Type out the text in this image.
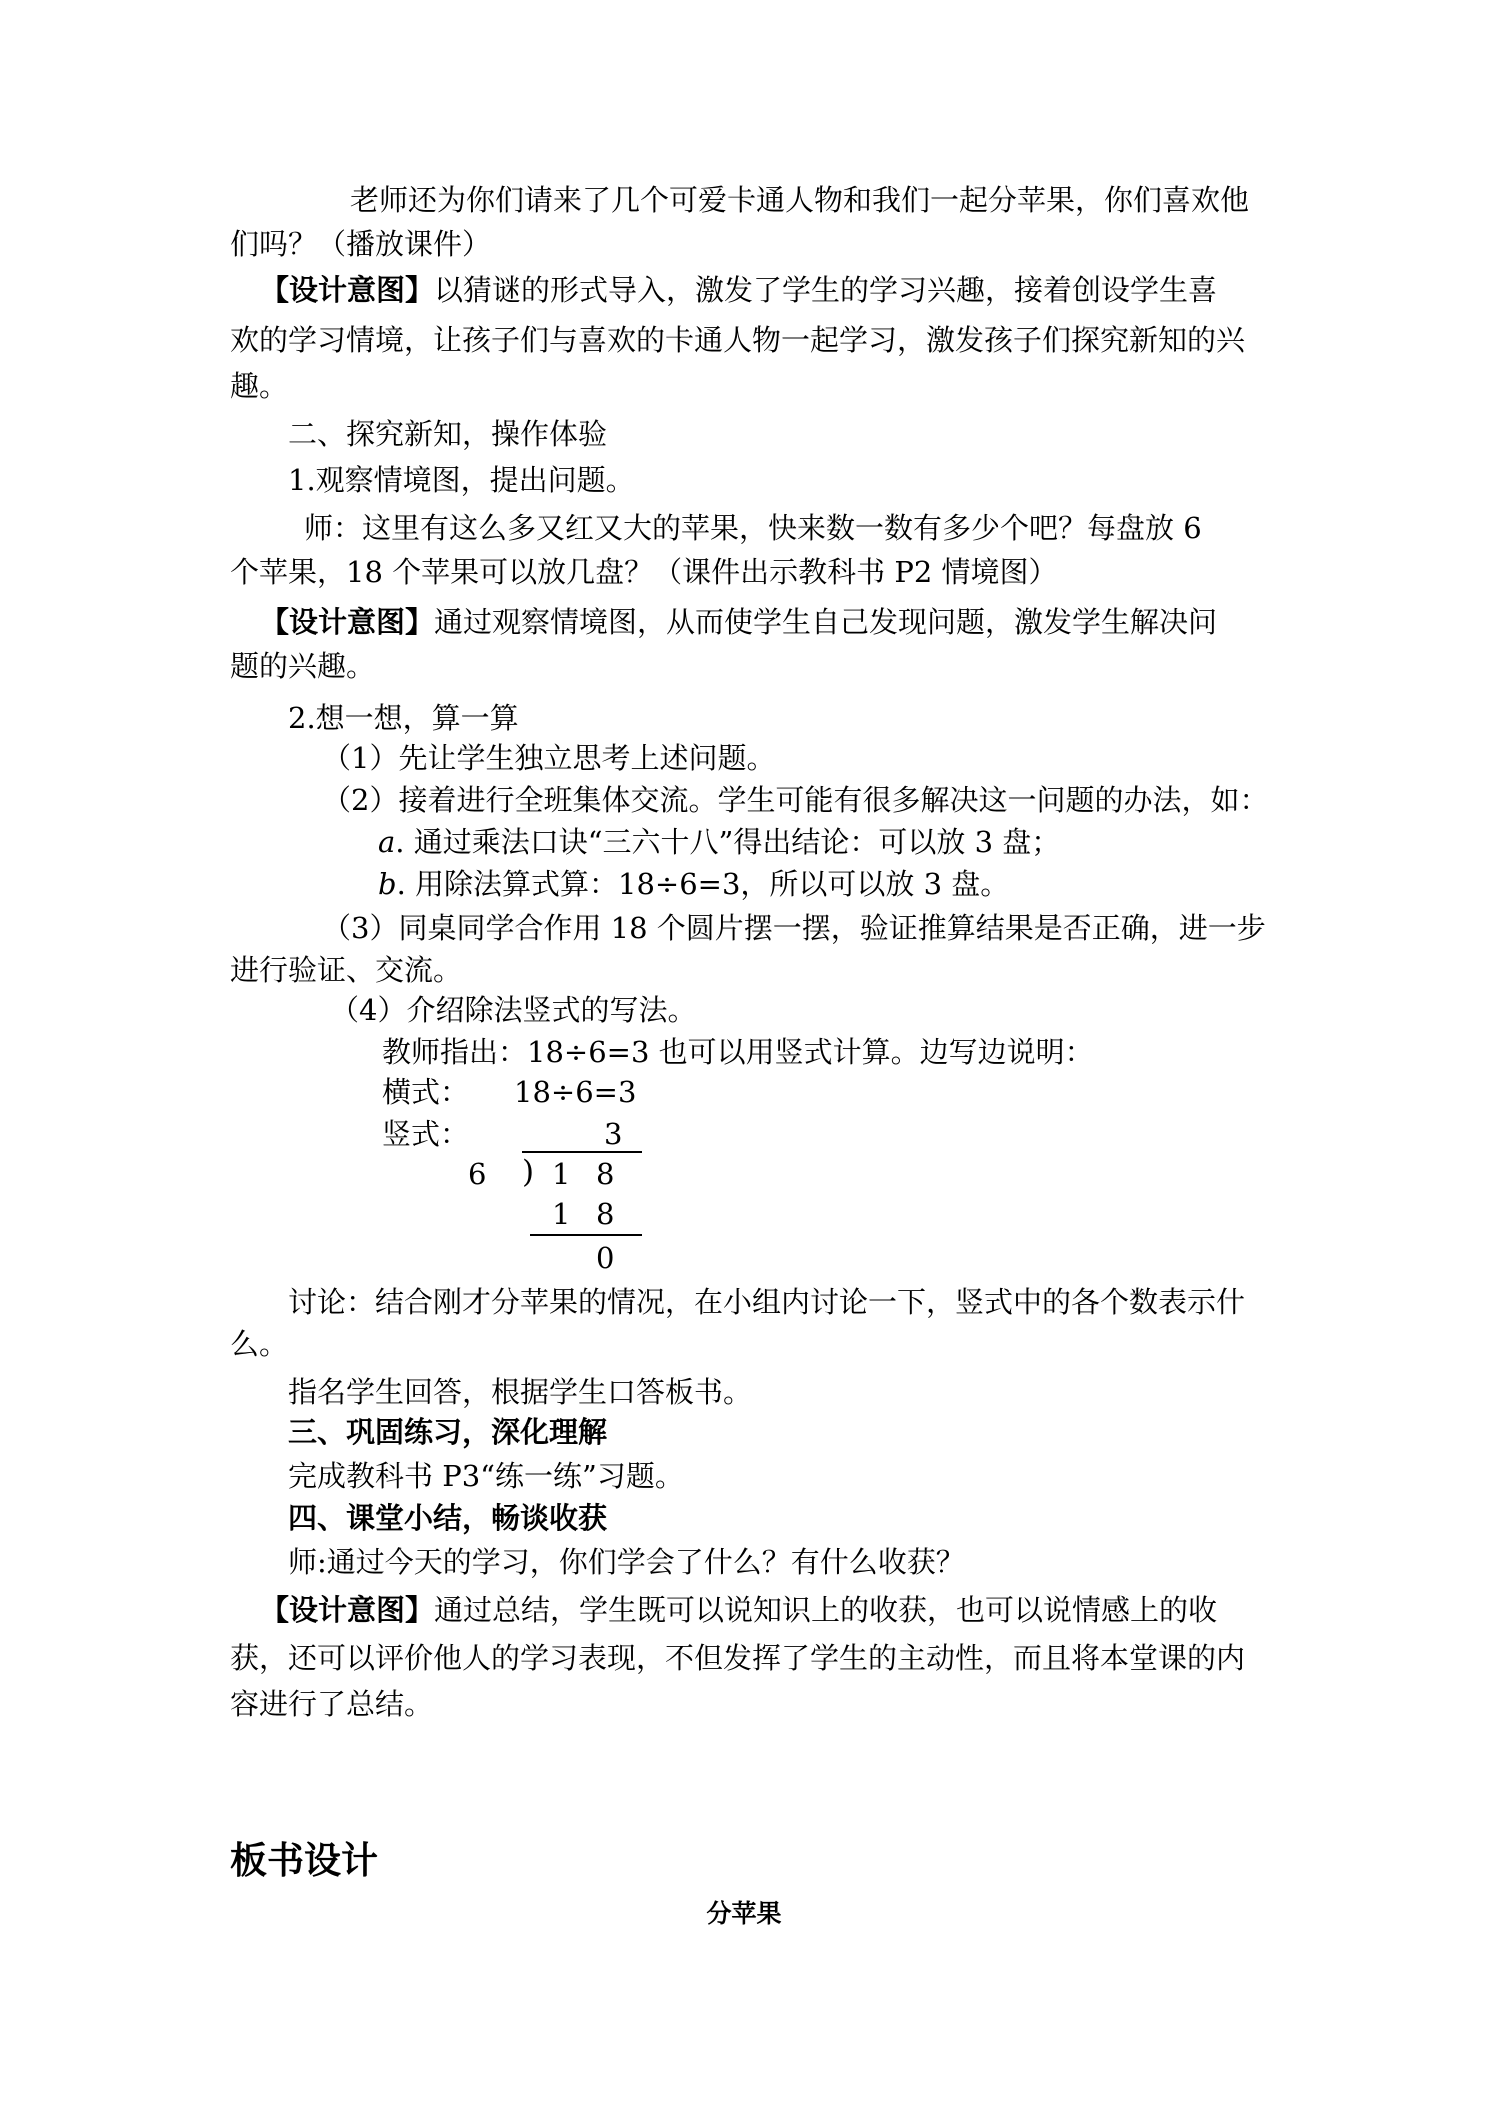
老师还为你们请来了几个可爱卡通人物和我们一起分苹果，你们喜欢他
们吗？（播放课件）
【设计意图】以猜谜的形式导入，激发了学生的学习兴趣，接着创设学生喜
欢的学习情境，让孩子们与喜欢的卡通人物一起学习，激发孩子们探究新知的兴
趣。
二、探究新知，操作体验
1.观察情境图，提出问题。
师：这里有这么多又红又大的苹果，快来数一数有多少个吧？每盘放 6
个苹果，18 个苹果可以放几盘？（课件出示教科书 P2 情境图）
【设计意图】通过观察情境图，从而使学生自己发现问题，激发学生解决问
题的兴趣。
2.想一想，算一算
（1）先让学生独立思考上述问题。
（2）接着进行全班集体交流。学生可能有很多解决这一问题的办法，如：
a. 通过乘法口诀“三六十八”得出结论：可以放 3 盘；
b. 用除法算式算：18÷6=3，所以可以放 3 盘。
（3）同桌同学合作用 18 个圆片摆一摆，验证推算结果是否正确，进一步
进行验证、交流。
（4）介绍除法竖式的写法。
教师指出：18÷6=3 也可以用竖式计算。边写边说明：
横式： 18÷6=3
竖式：	3
6 ) 1 8
1 8
0
讨论：结合刚才分苹果的情况，在小组内讨论一下，竖式中的各个数表示什
么。
指名学生回答，根据学生口答板书。
三、巩固练习，深化理解
完成教科书 P3“练一练”习题。
四、课堂小结，畅谈收获
师:通过今天的学习，你们学会了什么？有什么收获？
【设计意图】通过总结，学生既可以说知识上的收获，也可以说情感上的收
获，还可以评价他人的学习表现，不但发挥了学生的主动性，而且将本堂课的内
容进行了总结。
板书设计
分苹果
